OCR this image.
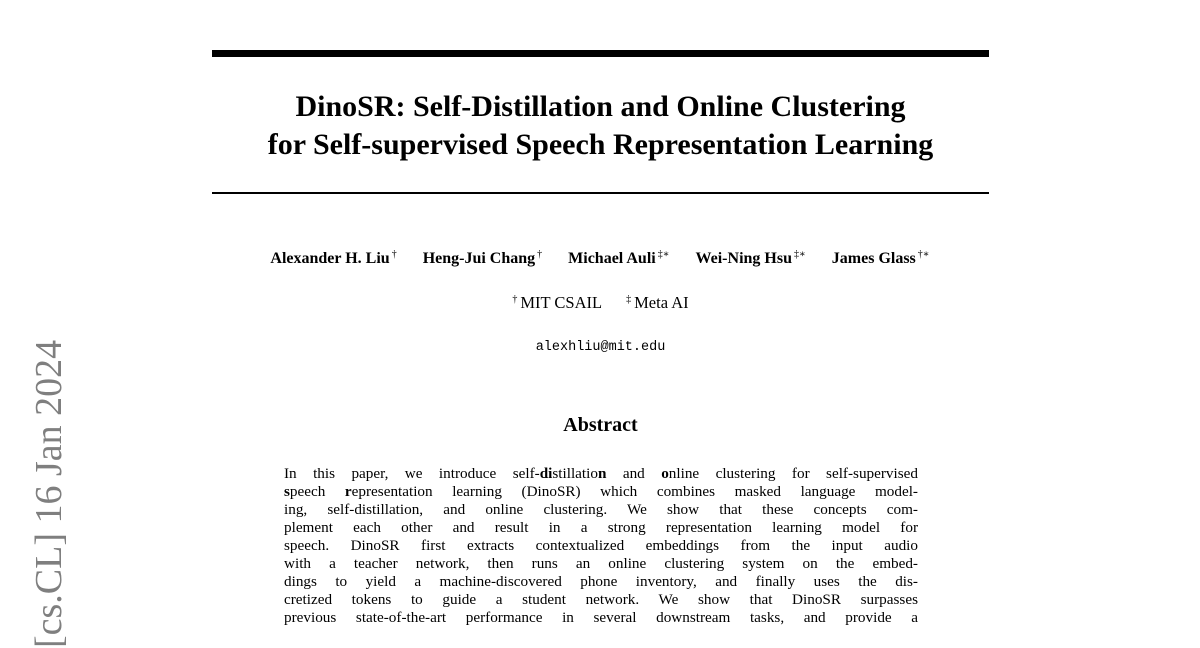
[cs.CL] 16 Jan 2024
DinoSR: Self-Distillation and Online Clustering
for Self-supervised Speech Representation Learning
Alexander H. Liu † Heng-Jui Chang † Michael Auli ‡∗ Wei-Ning Hsu ‡∗ James Glass †∗
† MIT CSAIL ‡ Meta AI
alexhliu@mit.edu
Abstract
In this paper, we introduce self-distillation and online clustering for self-supervised
speech representation learning (DinoSR) which combines masked language model-
ing, self-distillation, and online clustering. We show that these concepts com-
plement each other and result in a strong representation learning model for
speech. DinoSR first extracts contextualized embeddings from the input audio
with a teacher network, then runs an online clustering system on the embed-
dings to yield a machine-discovered phone inventory, and finally uses the dis-
cretized tokens to guide a student network. We show that DinoSR surpasses
previous state-of-the-art performance in several downstream tasks, and provide a
